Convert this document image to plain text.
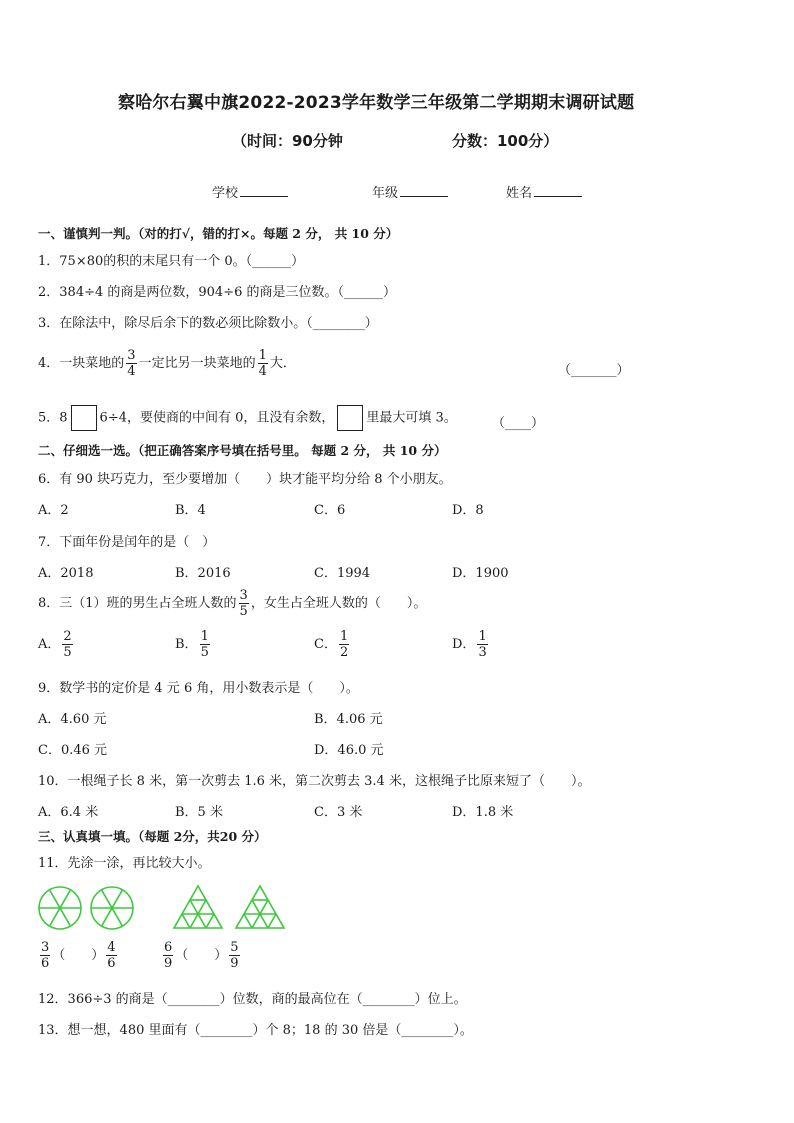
察哈尔右翼中旗2022-2023学年数学三年级第二学期期末调研试题
（时间：90分钟	分数：100分）
学校	年级	姓名
一、谨慎判一判。（对的打√，错的打×。每题 2 分， 共 10 分）
1．75×80的积的末尾只有一个 0。（______）
2．384÷4 的商是两位数，904÷6 的商是三位数。（______）
3．在除法中，除尽后余下的数必须比除数小。（________）
4．一块菜地的 $\frac{3}{4}$ 一定比另一块菜地的 $\frac{1}{4}$ 大．	（_______）
5．8 6÷4，要使商的中间有 0，且没有余数， 里最大可填 3。	（____）
二、仔细选一选。（把正确答案序号填在括号里。 每题 2 分， 共 10 分）
6．有 90 块巧克力，至少要增加（　　）块才能平均分给 8 个小朋友。
A．2	B．4	C．6	D．8
7．下面年份是闰年的是（　）
A．2018	B．2016	C．1994	D．1900
8．三（1）班的男生占全班人数的 $\frac{3}{5}$ ，女生占全班人数的（　　）。
A． $\frac{2}{5}$	B． $\frac{1}{5}$	C． $\frac{1}{2}$	D． $\frac{1}{3}$
9．数学书的定价是 4 元 6 角，用小数表示是（　　）。
A．4.60 元	B．4.06 元
C．0.46 元	D．46.0 元
10．一根绳子长 8 米，第一次剪去 1.6 米，第二次剪去 3.4 米，这根绳子比原来短了（　　）。
A．6.4 米	B．5 米	C．3 米	D．1.8 米
三、认真填一填。（每题 2分，共20 分）
11．先涂一涂，再比较大小。
$\frac{3}{6}$ （　　） $\frac{4}{6}$	$\frac{6}{9}$ （　　） $\frac{5}{9}$
12．366÷3 的商是（________）位数，商的最高位在（________）位上。
13．想一想，480 里面有（________）个 8；18 的 30 倍是（________）。
